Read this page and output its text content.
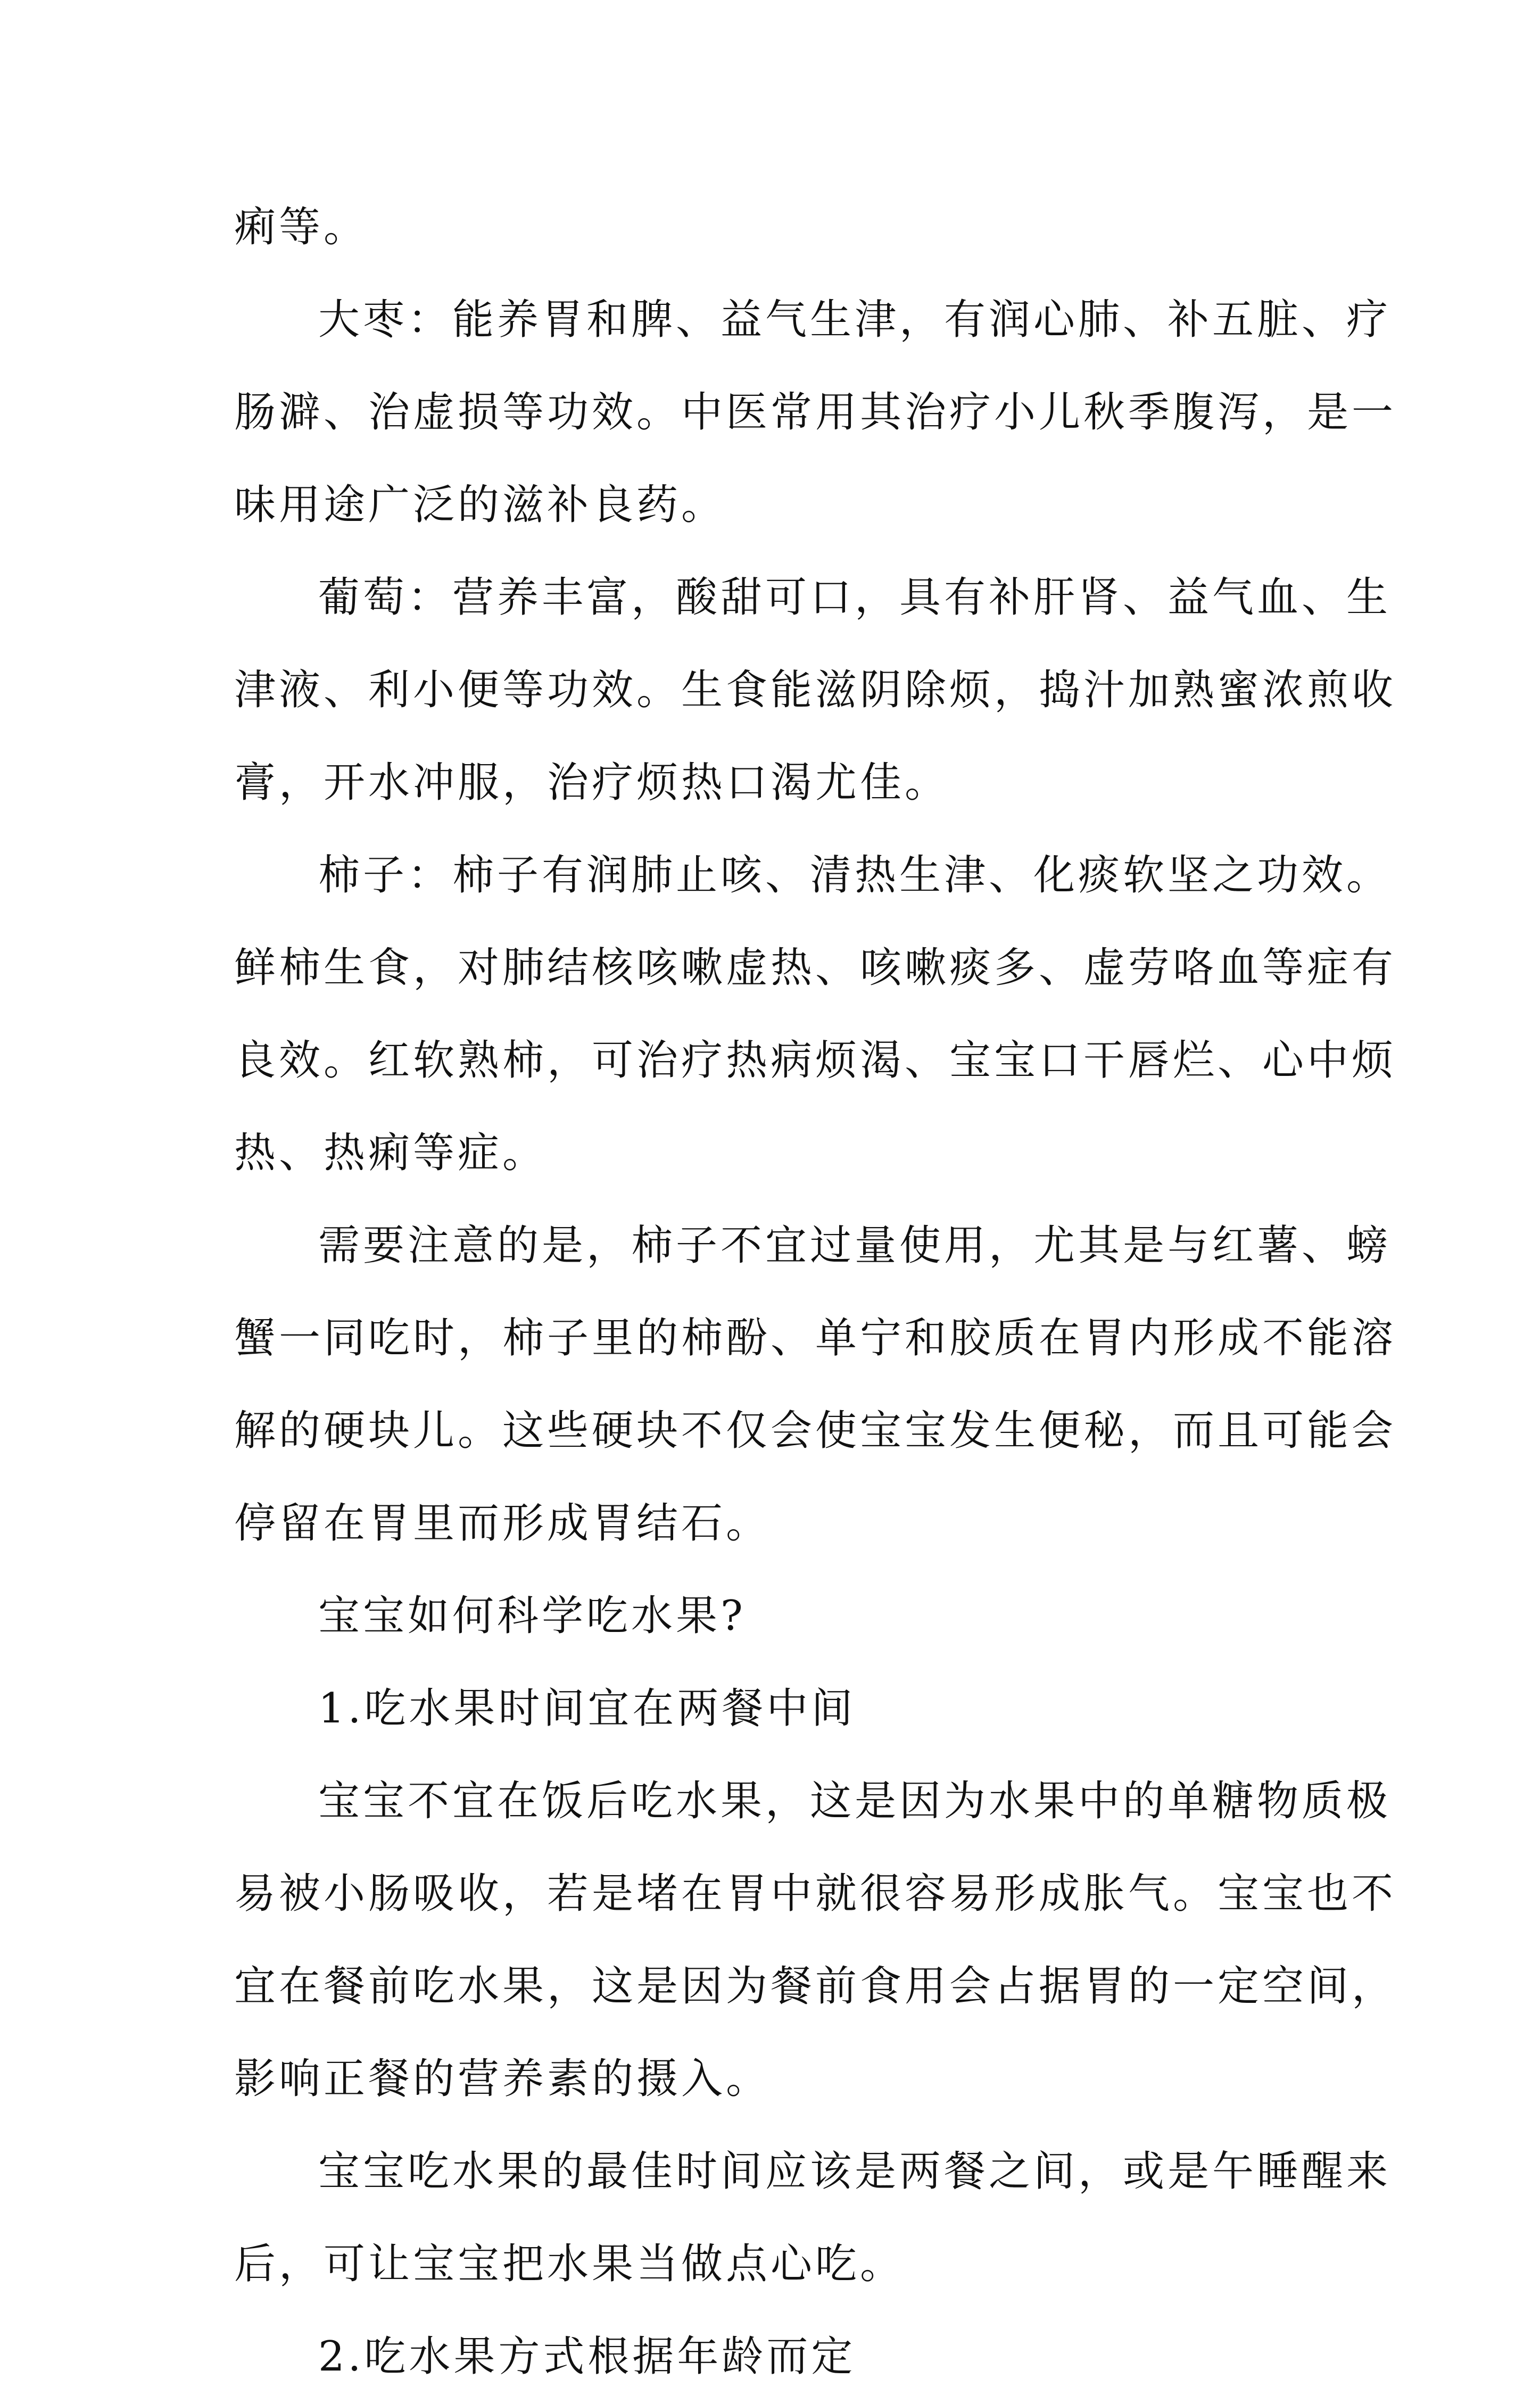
痢等。
大枣：能养胃和脾、益气生津，有润心肺、补五脏、疗
肠澼、治虚损等功效。中医常用其治疗小儿秋季腹泻，是一
味用途广泛的滋补良药。
葡萄：营养丰富，酸甜可口，具有补肝肾、益气血、生
津液、利小便等功效。生食能滋阴除烦，捣汁加熟蜜浓煎收
膏，开水冲服，治疗烦热口渴尤佳。
柿子：柿子有润肺止咳、清热生津、化痰软坚之功效。
鲜柿生食，对肺结核咳嗽虚热、咳嗽痰多、虚劳咯血等症有
良效。红软熟柿，可治疗热病烦渴、宝宝口干唇烂、心中烦
热、热痢等症。
需要注意的是，柿子不宜过量使用，尤其是与红薯、螃
蟹一同吃时，柿子里的柿酚、单宁和胶质在胃内形成不能溶
解的硬块儿。这些硬块不仅会使宝宝发生便秘，而且可能会
停留在胃里而形成胃结石。
宝宝如何科学吃水果?
1.吃水果时间宜在两餐中间
宝宝不宜在饭后吃水果，这是因为水果中的单糖物质极
易被小肠吸收，若是堵在胃中就很容易形成胀气。宝宝也不
宜在餐前吃水果，这是因为餐前食用会占据胃的一定空间，
影响正餐的营养素的摄入。
宝宝吃水果的最佳时间应该是两餐之间，或是午睡醒来
后，可让宝宝把水果当做点心吃。
2.吃水果方式根据年龄而定
